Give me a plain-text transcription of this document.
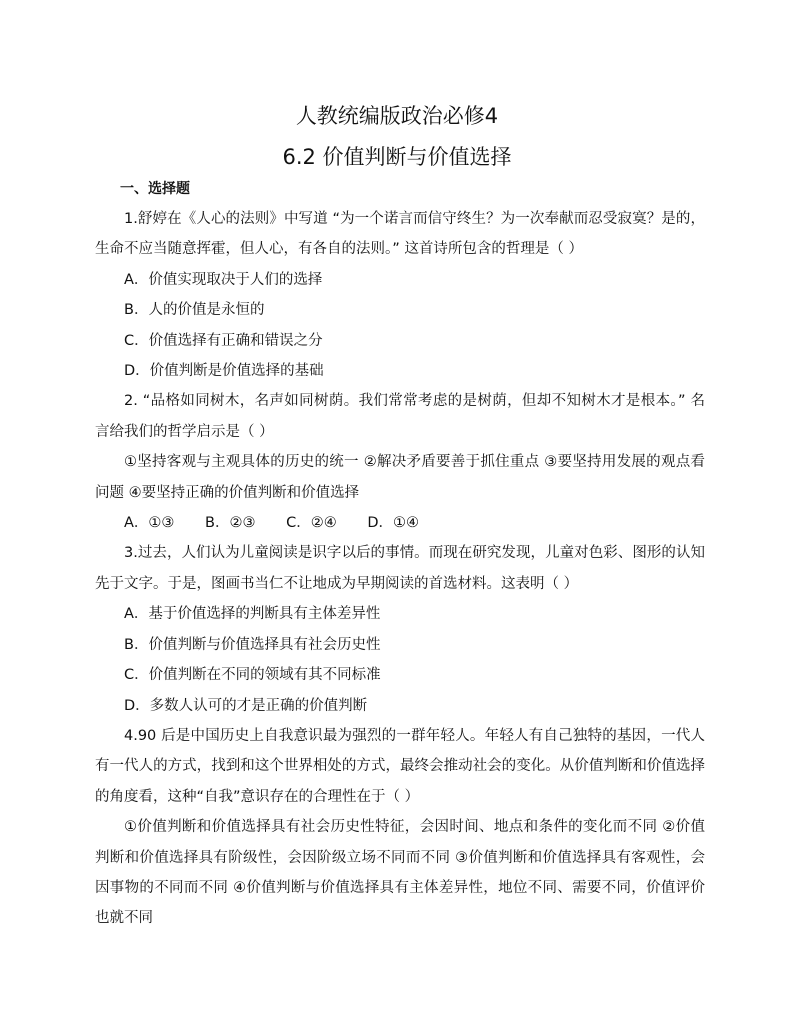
人教统编版政治必修4
6.2 价值判断与价值选择
一、选择题

1.舒婷在《人心的法则》中写道 “为一个诺言而信守终生？为一次奉献而忍受寂寞？是的，生命不应当随意挥霍，但人心，有各自的法则。” 这首诗所包含的哲理是（ ）

A．价值实现取决于人们的选择

B．人的价值是永恒的

C．价值选择有正确和错误之分

D．价值判断是价值选择的基础

2. “品格如同树木，名声如同树荫。我们常常考虑的是树荫，但却不知树木才是根本。” 名言给我们的哲学启示是（ ）

①坚持客观与主观具体的历史的统一 ②解决矛盾要善于抓住重点 ③要坚持用发展的观点看问题 ④要坚持正确的价值判断和价值选择

A．①③ B．②③ C．②④ D．①④

3.过去，人们认为儿童阅读是识字以后的事情。而现在研究发现，儿童对色彩、图形的认知先于文字。于是，图画书当仁不让地成为早期阅读的首选材料。这表明（ ）

A．基于价值选择的判断具有主体差异性

B．价值判断与价值选择具有社会历史性

C．价值判断在不同的领域有其不同标准

D．多数人认可的才是正确的价值判断

4.90 后是中国历史上自我意识最为强烈的一群年轻人。年轻人有自己独特的基因，一代人有一代人的方式，找到和这个世界相处的方式，最终会推动社会的变化。从价值判断和价值选择的角度看，这种“自我”意识存在的合理性在于（ ）

①价值判断和价值选择具有社会历史性特征，会因时间、地点和条件的变化而不同 ②价值判断和价值选择具有阶级性，会因阶级立场不同而不同 ③价值判断和价值选择具有客观性，会因事物的不同而不同 ④价值判断与价值选择具有主体差异性，地位不同、需要不同，价值评价也就不同
